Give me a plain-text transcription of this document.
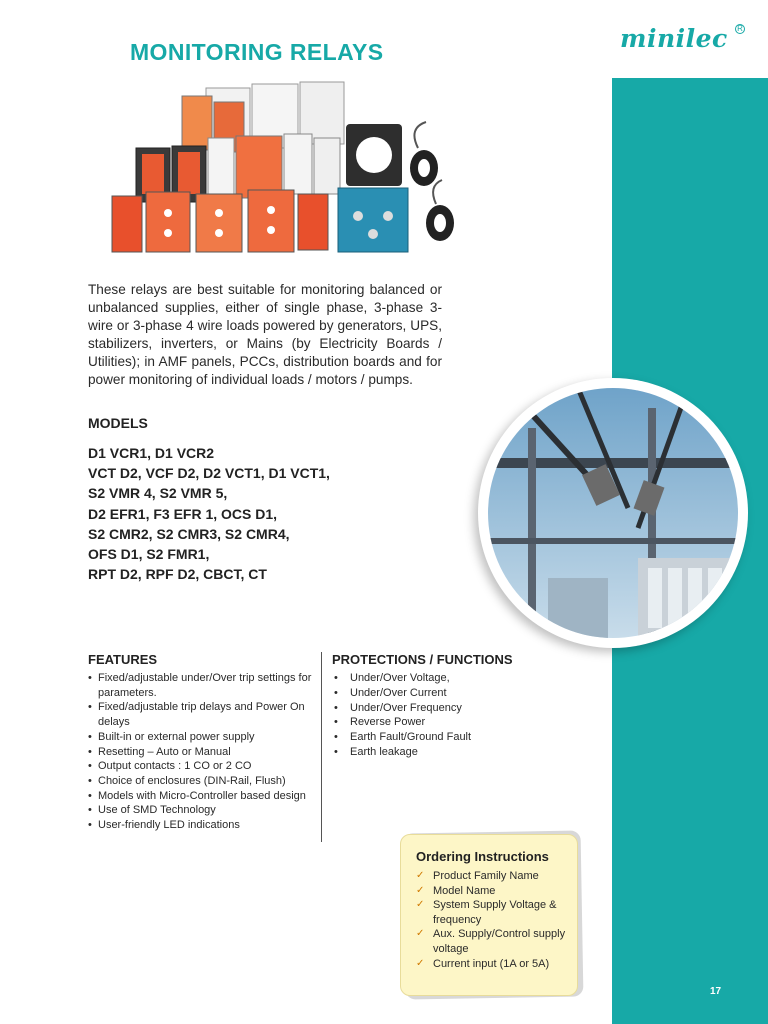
minilec R
17
MONITORING RELAYS
These relays are best suitable for monitoring balanced or unbalanced supplies, either of single phase, 3-phase 3-wire or 3-phase 4 wire loads powered by generators, UPS, stabilizers, inverters, or Mains (by Electricity Boards / Utilities); in AMF panels, PCCs, distribution boards and for power monitoring of individual loads / motors / pumps.
MODELS
D1 VCR1, D1 VCR2
VCT D2, VCF D2, D2 VCT1, D1 VCT1,
S2 VMR 4, S2 VMR 5,
D2 EFR1, F3 EFR 1, OCS D1,
S2 CMR2, S2 CMR3, S2 CMR4,
OFS D1, S2 FMR1,
RPT D2, RPF D2, CBCT, CT
FEATURES
• Fixed/adjustable under/Over trip settings for parameters.
• Fixed/adjustable trip delays and Power On delays
• Built-in or external power supply
• Resetting – Auto or Manual
• Output contacts : 1 CO or 2 CO
• Choice of enclosures (DIN-Rail, Flush)
• Models with Micro-Controller based design
• Use of SMD Technology
• User-friendly LED indications
PROTECTIONS / FUNCTIONS
• Under/Over Voltage,
• Under/Over Current
• Under/Over Frequency
• Reverse Power
• Earth Fault/Ground Fault
• Earth leakage
Ordering Instructions
✓ Product Family Name
✓ Model Name
✓ System Supply Voltage & frequency
✓ Aux. Supply/Control supply voltage
✓ Current input (1A or 5A)
